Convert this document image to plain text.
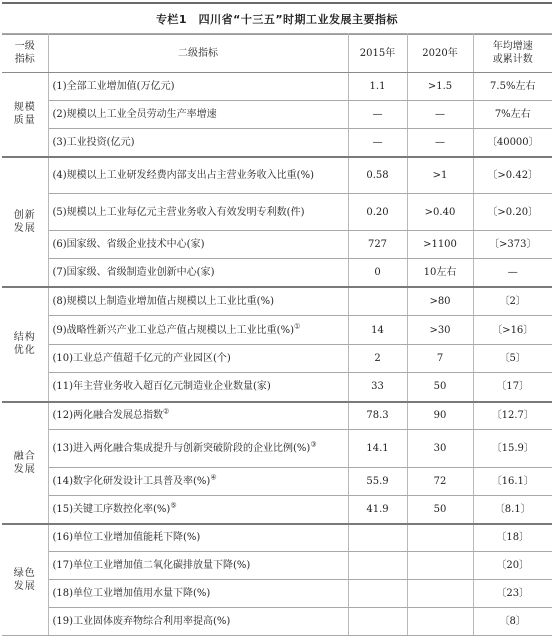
专栏1　四川省“十三五”时期工业发展主要指标
一级
指标	二级指标	2015年	2020年	年均增速
或累计数
规模
质量	(1)全部工业增加值(万亿元)	1.1	>1.5	7.5%左右
	(2)规模以上工业全员劳动生产率增速	—	—	7%左右
	(3)工业投资(亿元)	—	—	〔40000〕
创新
发展	(4)规模以上工业研发经费内部支出占主营业务收入比重(%)	0.58	>1	〔>0.42〕
	(5)规模以上工业每亿元主营业务收入有效发明专利数(件)	0.20	>0.40	〔>0.20〕
	(6)国家级、省级企业技术中心(家)	727	>1100	〔>373〕
	(7)国家级、省级制造业创新中心(家)	0	10左右	—
结构
优化	(8)规模以上制造业增加值占规模以上工业比重(%)		>80	〔2〕
	(9)战略性新兴产业工业总产值占规模以上工业比重(%)①	14	>30	〔>16〕
	(10)工业总产值超千亿元的产业园区(个)	2	7	〔5〕
	(11)年主营业务收入超百亿元制造业企业数量(家)	33	50	〔17〕
融合
发展	(12)两化融合发展总指数②	78.3	90	〔12.7〕
	(13)进入两化融合集成提升与创新突破阶段的企业比例(%)③	14.1	30	〔15.9〕
	(14)数字化研发设计工具普及率(%)④	55.9	72	〔16.1〕
	(15)关键工序数控化率(%)⑤	41.9	50	〔8.1〕
绿色
发展	(16)单位工业增加值能耗下降(%)			〔18〕
	(17)单位工业增加值二氧化碳排放量下降(%)			〔20〕
	(18)单位工业增加值用水量下降(%)			〔23〕
	(19)工业固体废弃物综合利用率提高(%)			〔8〕
